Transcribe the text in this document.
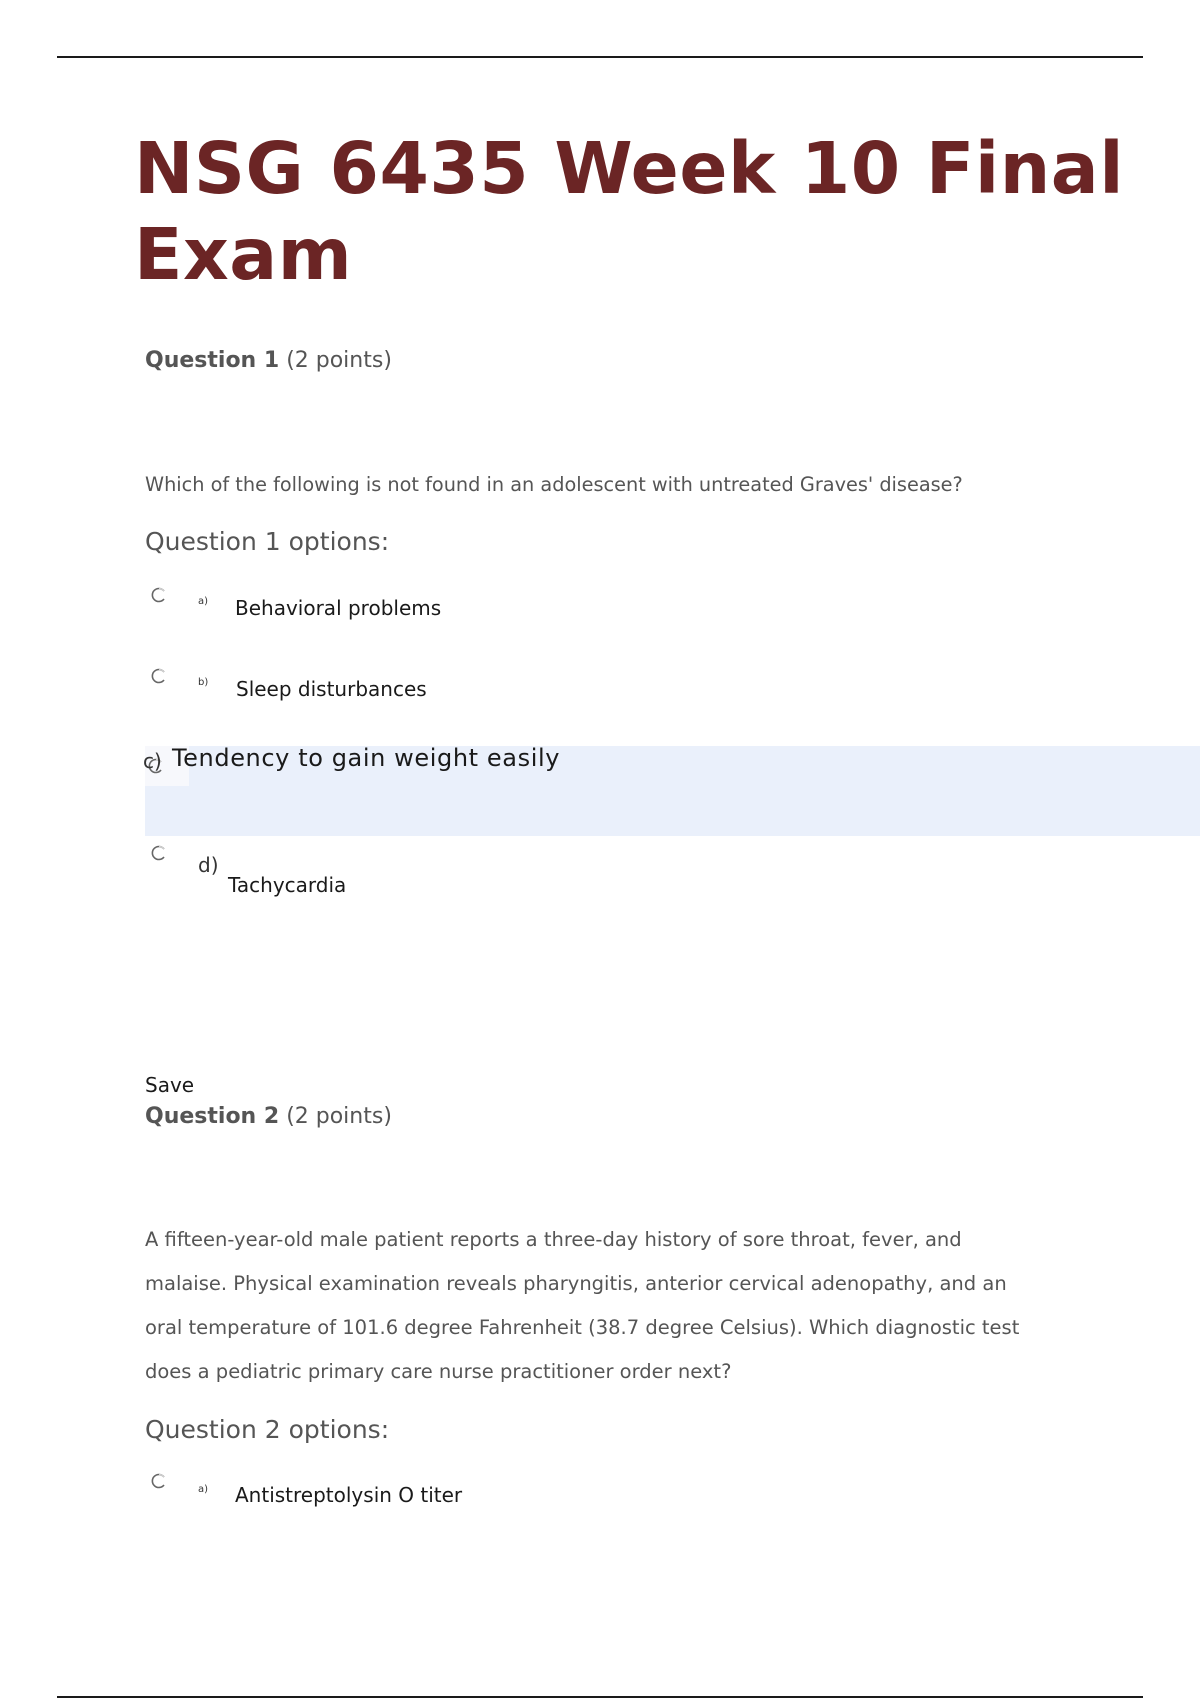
NSG 6435 Week 10 Final Exam
Question 1 (2 points)

Which of the following is not found in an adolescent with untreated Graves' disease?

Question 1 options:
a) Behavioral problems
b) Sleep disturbances
c) Tendency to gain weight easily
d)
Tachycardia
Save
Question 2 (2 points)

A fifteen-year-old male patient reports a three-day history of sore throat, fever, and

malaise. Physical examination reveals pharyngitis, anterior cervical adenopathy, and an

oral temperature of 101.6 degree Fahrenheit (38.7 degree Celsius). Which diagnostic test

does a pediatric primary care nurse practitioner order next?

Question 2 options:
a) Antistreptolysin O titer
